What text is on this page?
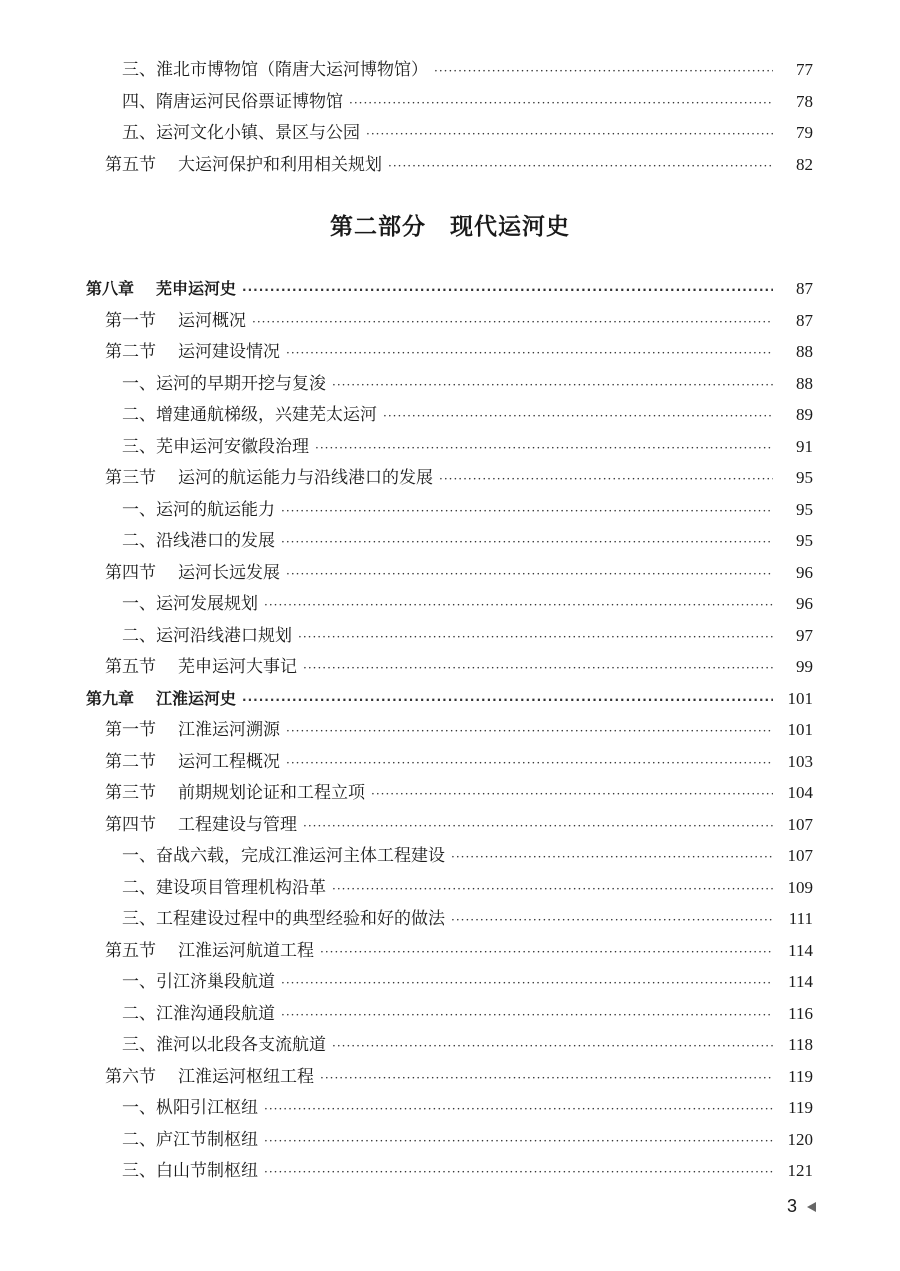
三、淮北市博物馆（隋唐大运河博物馆） ·····	77
四、隋唐运河民俗票证博物馆 ·····	78
五、运河文化小镇、景区与公园 ·····	79
第五节 大运河保护和利用相关规划 ·····	82
第二部分　现代运河史
第八章 芜申运河史 ·····	87
第一节 运河概况 ·····	87
第二节 运河建设情况 ·····	88
一、运河的早期开挖与复浚 ·····	88
二、增建通航梯级，兴建芜太运河 ·····	89
三、芜申运河安徽段治理 ·····	91
第三节 运河的航运能力与沿线港口的发展 ·····	95
一、运河的航运能力 ·····	95
二、沿线港口的发展 ·····	95
第四节 运河长远发展 ·····	96
一、运河发展规划 ·····	96
二、运河沿线港口规划 ·····	97
第五节 芜申运河大事记 ·····	99
第九章 江淮运河史 ·····	101
第一节 江淮运河溯源 ·····	101
第二节 运河工程概况 ·····	103
第三节 前期规划论证和工程立项 ·····	104
第四节 工程建设与管理 ·····	107
一、奋战六载，完成江淮运河主体工程建设 ·····	107
二、建设项目管理机构沿革 ·····	109
三、工程建设过程中的典型经验和好的做法 ·····	111
第五节 江淮运河航道工程 ·····	114
一、引江济巢段航道 ·····	114
二、江淮沟通段航道 ·····	116
三、淮河以北段各支流航道 ·····	118
第六节 江淮运河枢纽工程 ·····	119
一、枞阳引江枢纽 ·····	119
二、庐江节制枢纽 ·····	120
三、白山节制枢纽 ·····	121
3
